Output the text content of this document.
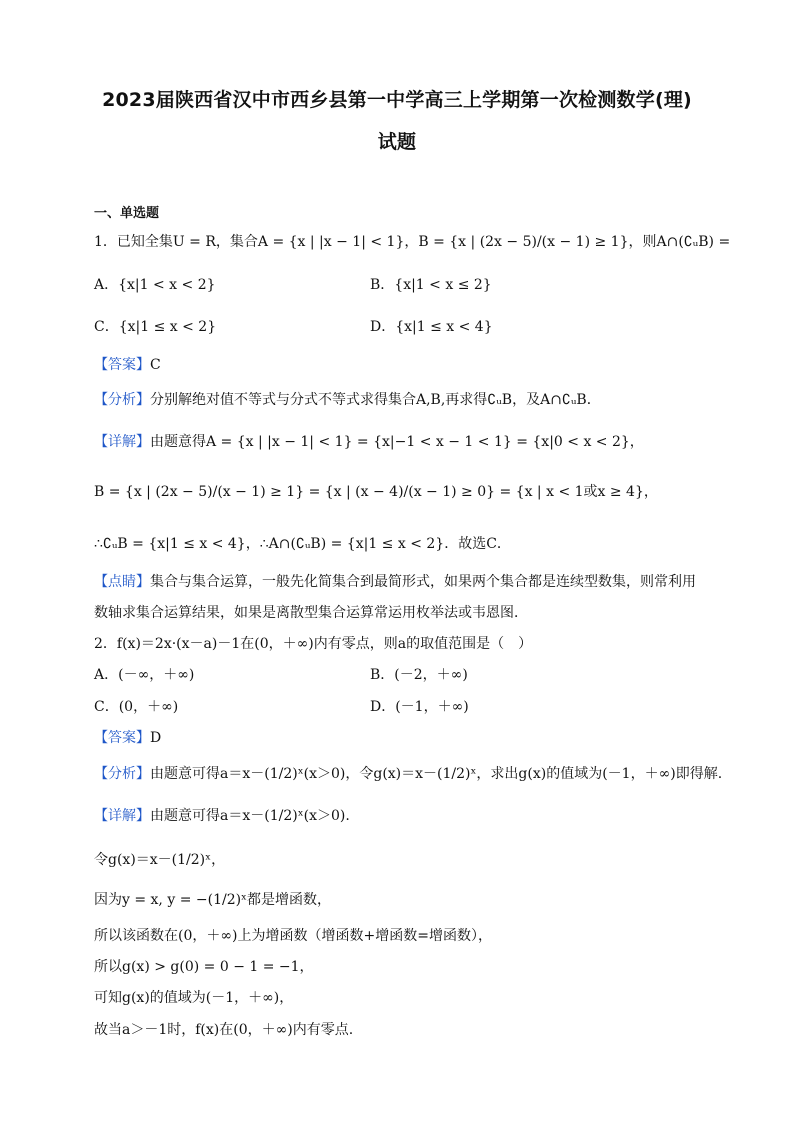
2023届陕西省汉中市西乡县第一中学高三上学期第一次检测数学(理)
试题
一、单选题
1．已知全集U = R，集合A = {x | |x − 1| < 1}，B = {x | (2x − 5)/(x − 1) ≥ 1}，则A∩(∁ᵤB) =
A．{x|1 < x < 2}	B．{x|1 < x ≤ 2}
C．{x|1 ≤ x < 2}	D．{x|1 ≤ x < 4}
【答案】C
【分析】分别解绝对值不等式与分式不等式求得集合A,B,再求得∁ᵤB，及A∩∁ᵤB．
【详解】由题意得A = {x | |x − 1| < 1} = {x|−1 < x − 1 < 1} = {x|0 < x < 2}，
B = {x | (2x − 5)/(x − 1) ≥ 1} = {x | (x − 4)/(x − 1) ≥ 0} = {x | x < 1或x ≥ 4}，
∴∁ᵤB = {x|1 ≤ x < 4}，∴A∩(∁ᵤB) = {x|1 ≤ x < 2}．故选C．
【点睛】集合与集合运算，一般先化简集合到最简形式，如果两个集合都是连续型数集，则常利用
数轴求集合运算结果，如果是离散型集合运算常运用枚举法或韦恩图．
2．f(x)＝2x·(x－a)－1在(0，＋∞)内有零点，则a的取值范围是（　）
A．(－∞，＋∞)	B．(－2，＋∞)
C．(0，＋∞)	D．(－1，＋∞)
【答案】D
【分析】由题意可得a＝x－(1/2)ˣ(x＞0)，令g(x)＝x－(1/2)ˣ，求出g(x)的值域为(－1，＋∞)即得解.
【详解】由题意可得a＝x－(1/2)ˣ(x＞0).
令g(x)＝x－(1/2)ˣ，
因为y = x, y = −(1/2)ˣ都是增函数，
所以该函数在(0，＋∞)上为增函数（增函数+增函数=增函数），
所以g(x) > g(0) = 0 − 1 = −1，
可知g(x)的值域为(－1，＋∞)，
故当a＞－1时，f(x)在(0，＋∞)内有零点.
